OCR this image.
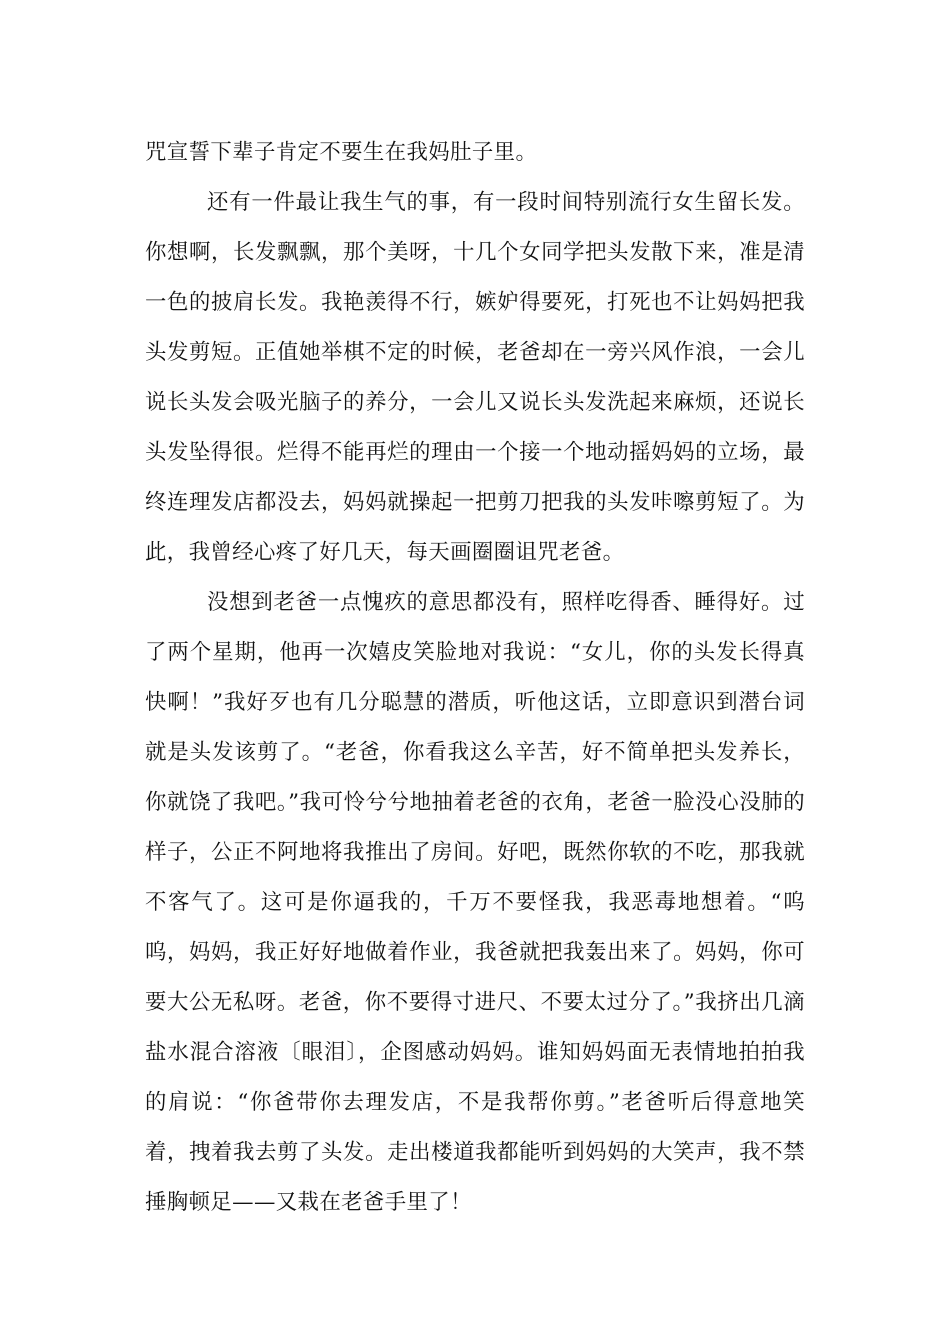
咒宣誓下辈子肯定不要生在我妈肚子里。

还有一件最让我生气的事，有一段时间特别流行女生留长发。你想啊，长发飘飘，那个美呀，十几个女同学把头发散下来，准是清一色的披肩长发。我艳羡得不行，嫉妒得要死，打死也不让妈妈把我头发剪短。正值她举棋不定的时候，老爸却在一旁兴风作浪，一会儿说长头发会吸光脑子的养分，一会儿又说长头发洗起来麻烦，还说长头发坠得很。烂得不能再烂的理由一个接一个地动摇妈妈的立场，最终连理发店都没去，妈妈就操起一把剪刀把我的头发咔嚓剪短了。为此，我曾经心疼了好几天，每天画圈圈诅咒老爸。

没想到老爸一点愧疚的意思都没有，照样吃得香、睡得好。过了两个星期，他再一次嬉皮笑脸地对我说：“女儿，你的头发长得真快啊！”我好歹也有几分聪慧的潜质，听他这话，立即意识到潜台词就是头发该剪了。“老爸，你看我这么辛苦，好不简单把头发养长，你就饶了我吧。”我可怜兮兮地抽着老爸的衣角，老爸一脸没心没肺的样子，公正不阿地将我推出了房间。好吧，既然你软的不吃，那我就不客气了。这可是你逼我的，千万不要怪我，我恶毒地想着。“呜呜，妈妈，我正好好地做着作业，我爸就把我轰出来了。妈妈，你可要大公无私呀。老爸，你不要得寸进尺、不要太过分了。”我挤出几滴盐水混合溶液〔眼泪〕，企图感动妈妈。谁知妈妈面无表情地拍拍我的肩说：“你爸带你去理发店，不是我帮你剪。”老爸听后得意地笑着，拽着我去剪了头发。走出楼道我都能听到妈妈的大笑声，我不禁捶胸顿足——又栽在老爸手里了！
